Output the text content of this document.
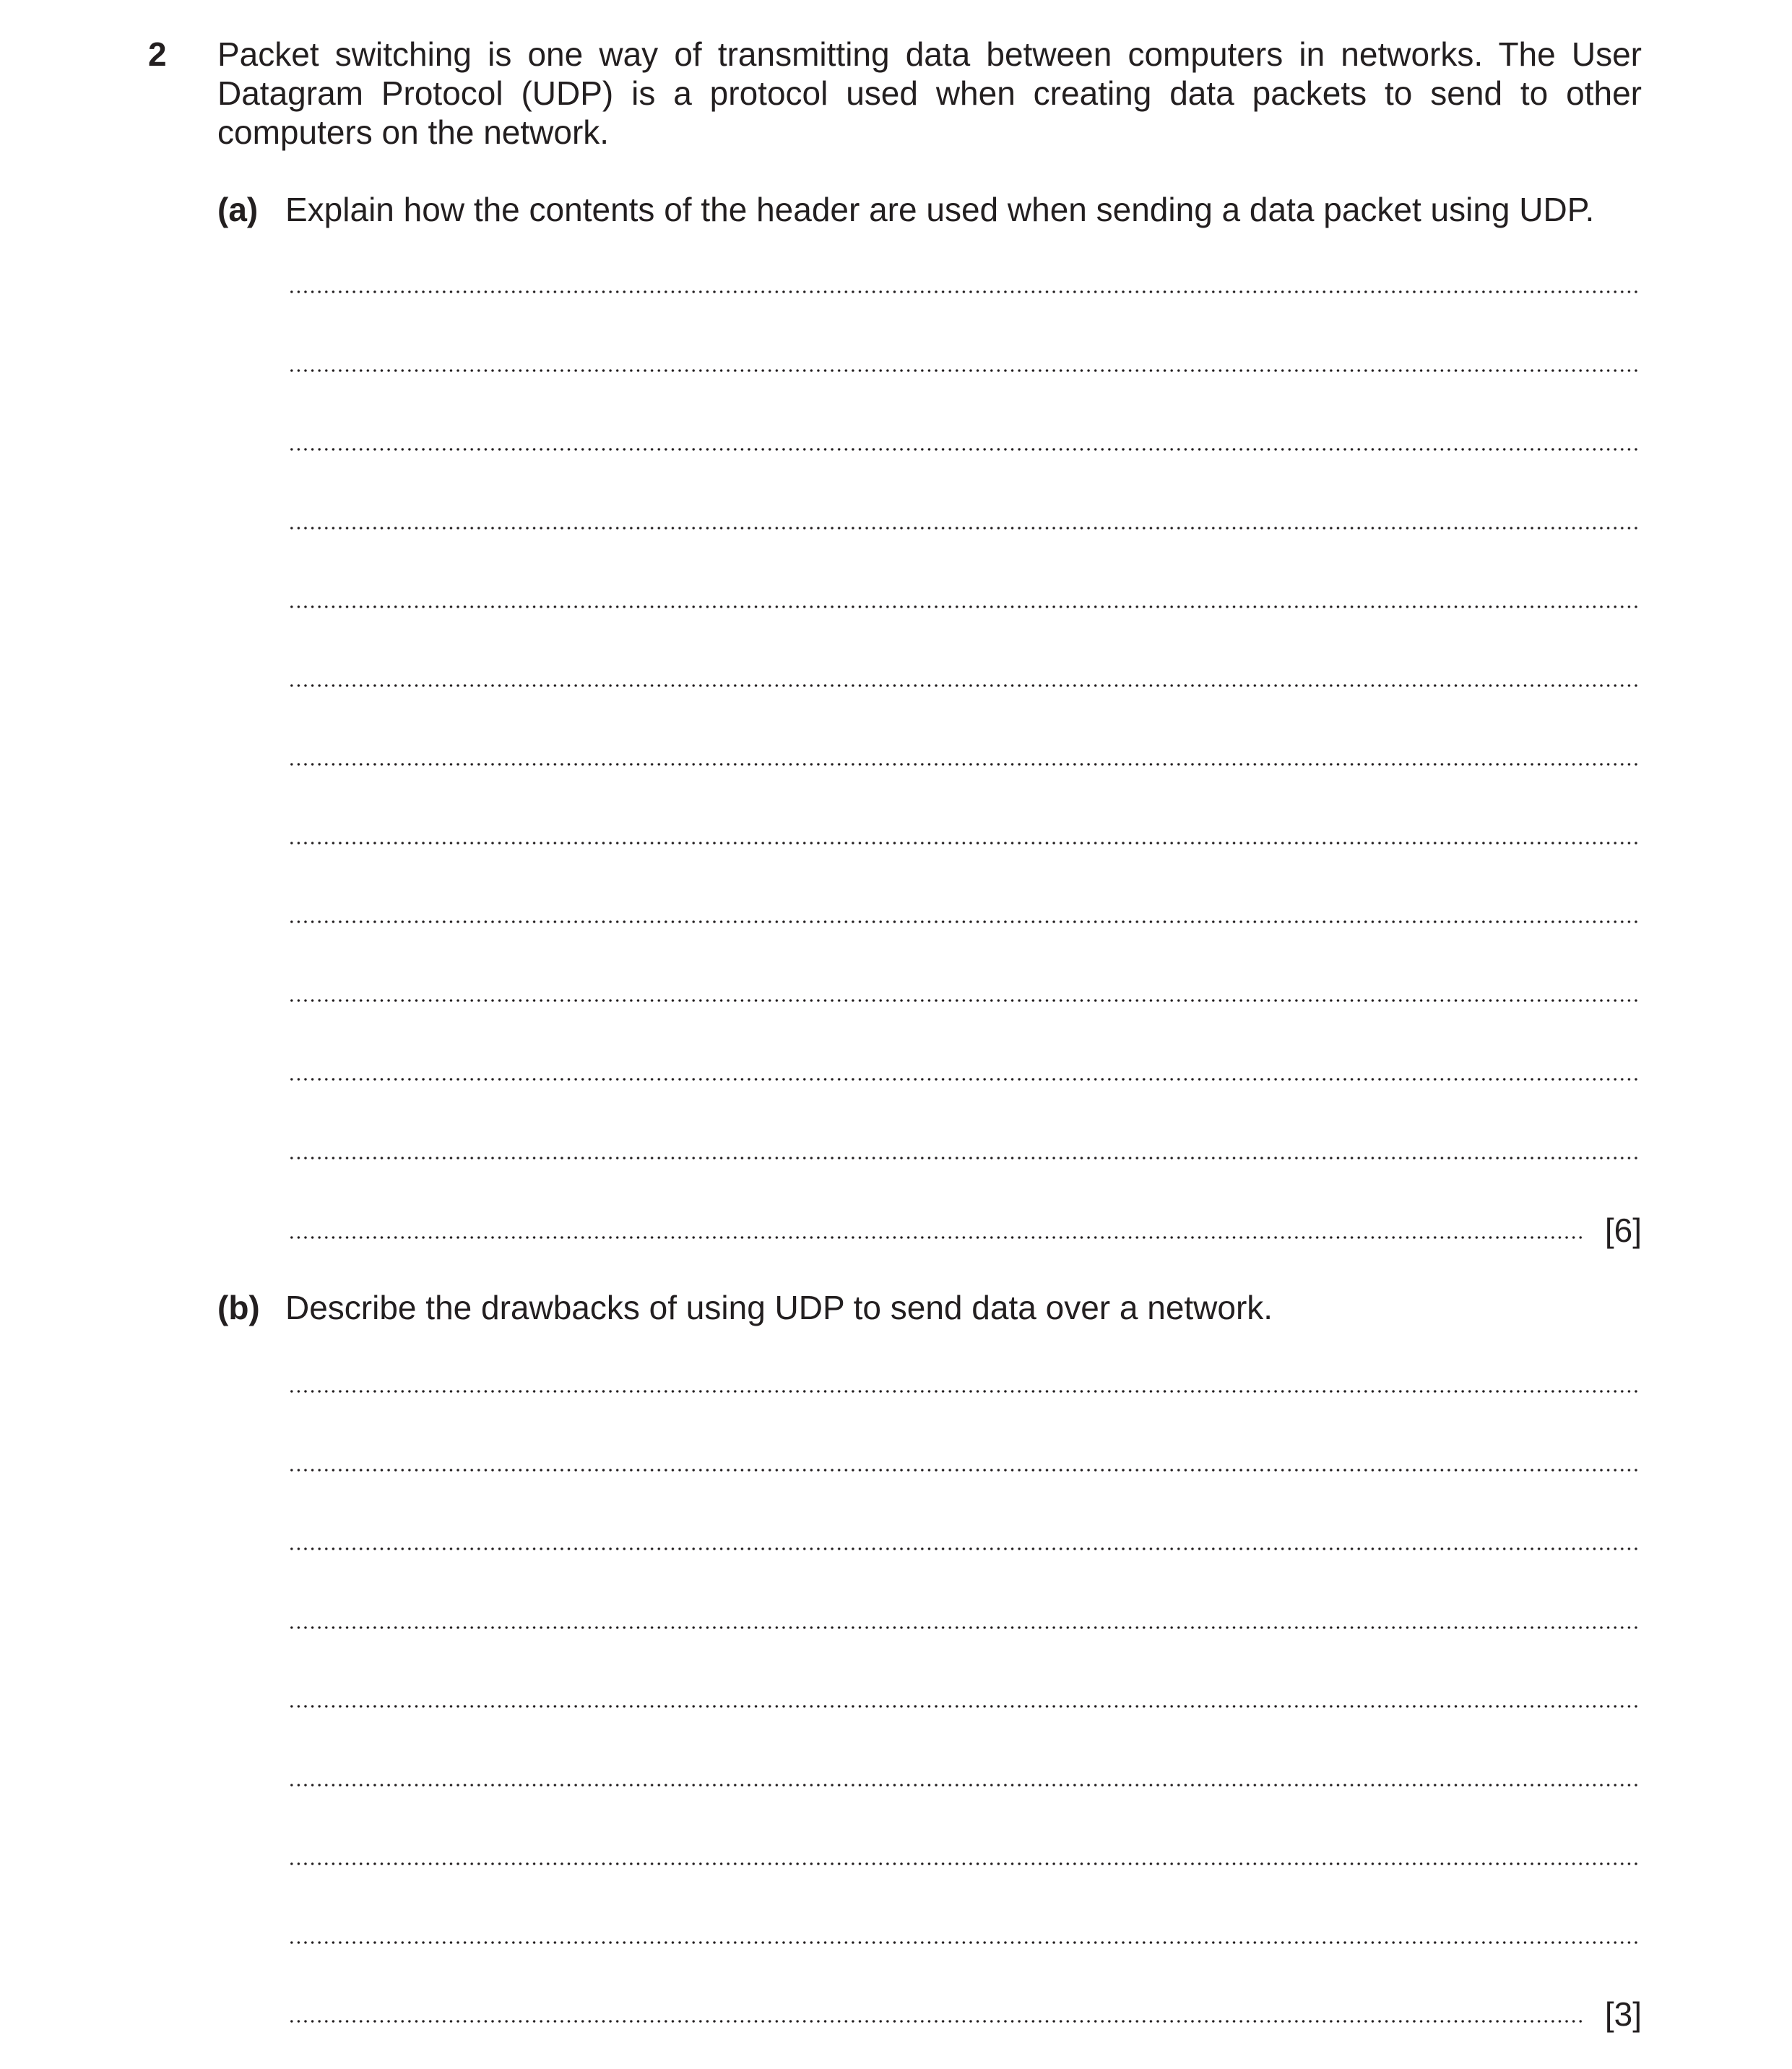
2 Packet switching is one way of transmitting data between computers in networks. The User Datagram Protocol (UDP) is a protocol used when creating data packets to send to other computers on the network.
(a) Explain how the contents of the header are used when sending a data packet using UDP.
[6]
(b) Describe the drawbacks of using UDP to send data over a network.
[3]
